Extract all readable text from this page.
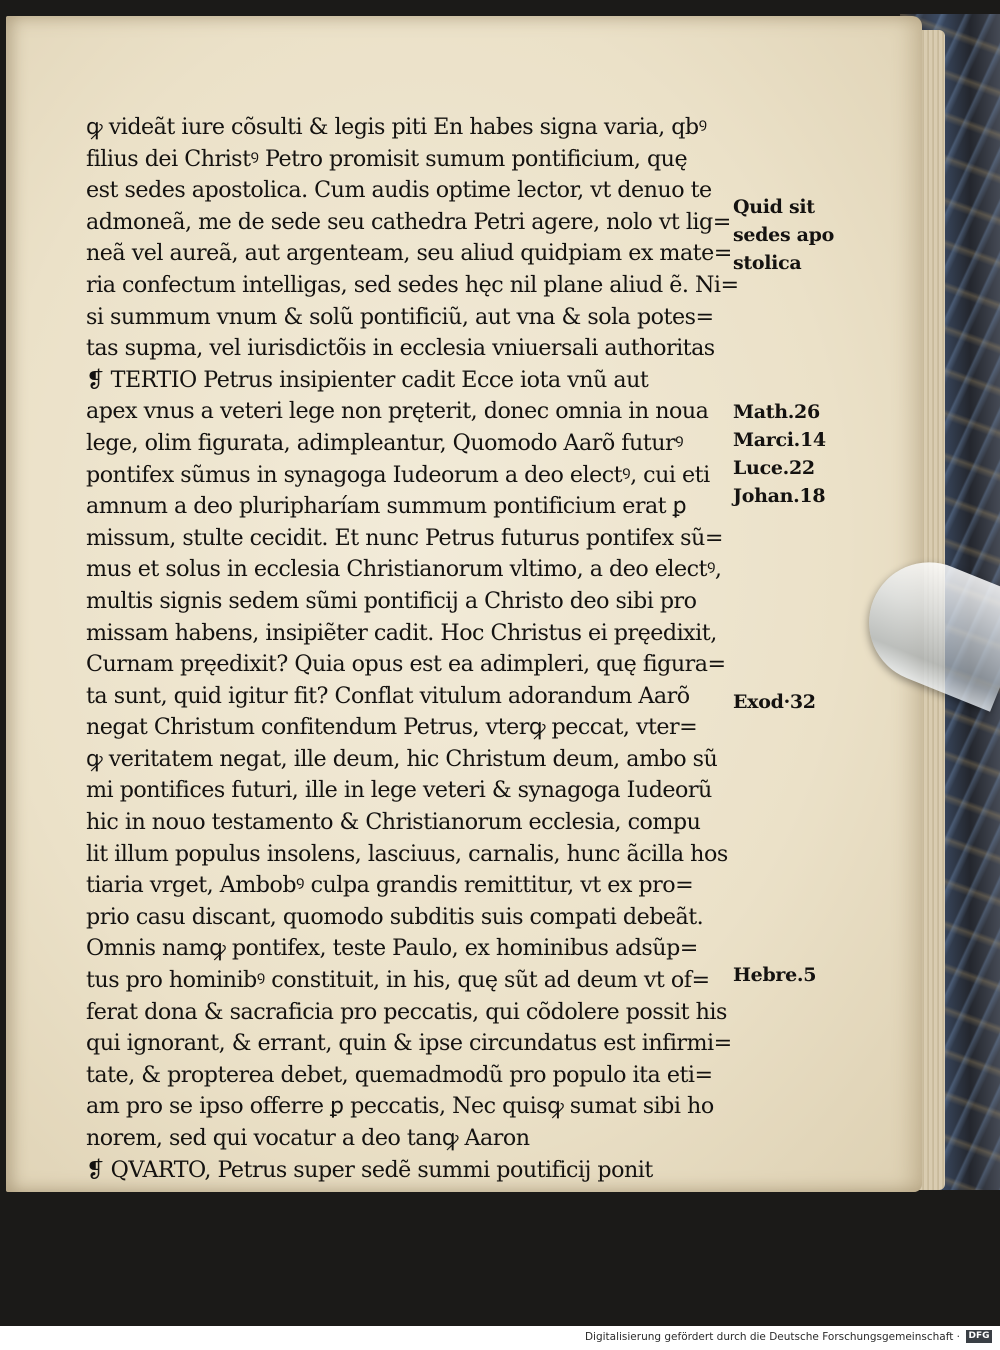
ꝙ videãt iure cõsulti & legis piti En habes signa varia, qbꝰ
filius dei Christꝰ Petro promisit sumum pontificium, quę
est sedes apostolica. Cum audis optime lector, vt denuo te
admoneã, me de sede seu cathedra Petri agere, nolo vt lig=
neã vel aureã, aut argenteam, seu aliud quidpiam ex mate=
ria confectum intelligas, sed sedes hęc nil plane aliud ẽ. Ni=
si summum vnum & solũ pontificiũ, aut vna & sola potes=
tas supma, vel iurisdictõis in ecclesia vniuersali authoritas
❡ TERTIO Petrus insipienter cadit Ecce iota vnũ aut
apex vnus a veteri lege non pręterit, donec omnia in noua
lege, olim figurata, adimpleantur, Quomodo Aarõ futurꝰ
pontifex sũmus in synagoga Iudeorum a deo electꝰ, cui eti
amnum a deo pluripharíam summum pontificium erat ꝑ
missum, stulte cecidit. Et nunc Petrus futurus pontifex sũ=
mus et solus in ecclesia Christianorum vltimo, a deo electꝰ,
multis signis sedem sũmi pontificij a Christo deo sibi pro
missam habens, insipiẽter cadit. Hoc Christus ei pręedixit,
Curnam pręedixit? Quia opus est ea adimpleri, quę figura=
ta sunt, quid igitur fit? Conflat vitulum adorandum Aarõ
negat Christum confitendum Petrus, vterꝙ peccat, vter=
ꝙ veritatem negat, ille deum, hic Christum deum, ambo sũ
mi pontifices futuri, ille in lege veteri & synagoga Iudeorũ
hic in nouo testamento & Christianorum ecclesia, compu
lit illum populus insolens, lasciuus, carnalis, hunc ãcilla hos
tiaria vrget, Ambobꝰ culpa grandis remittitur, vt ex pro=
prio casu discant, quomodo subditis suis compati debeãt.
Omnis namꝙ pontifex, teste Paulo, ex hominibus adsũp=
tus pro hominibꝰ constituit, in his, quę sũt ad deum vt of=
ferat dona & sacraficia pro peccatis, qui cõdolere possit his
qui ignorant, & errant, quin & ipse circundatus est infirmi=
tate, & propterea debet, quemadmodũ pro populo ita eti=
am pro se ipso offerre ꝑ peccatis, Nec quisꝙ sumat sibi ho
norem, sed qui vocatur a deo tanꝙ Aaron
❡ QVARTO, Petrus super sedẽ summi poutificij ponit
Quid sit
sedes apo
stolica
Math.26
Marci.14
Luce.22
Johan.18
Exod·32
Hebre.5
Digitalisierung gefördert durch die Deutsche Forschungsgemeinschaft · DFG
